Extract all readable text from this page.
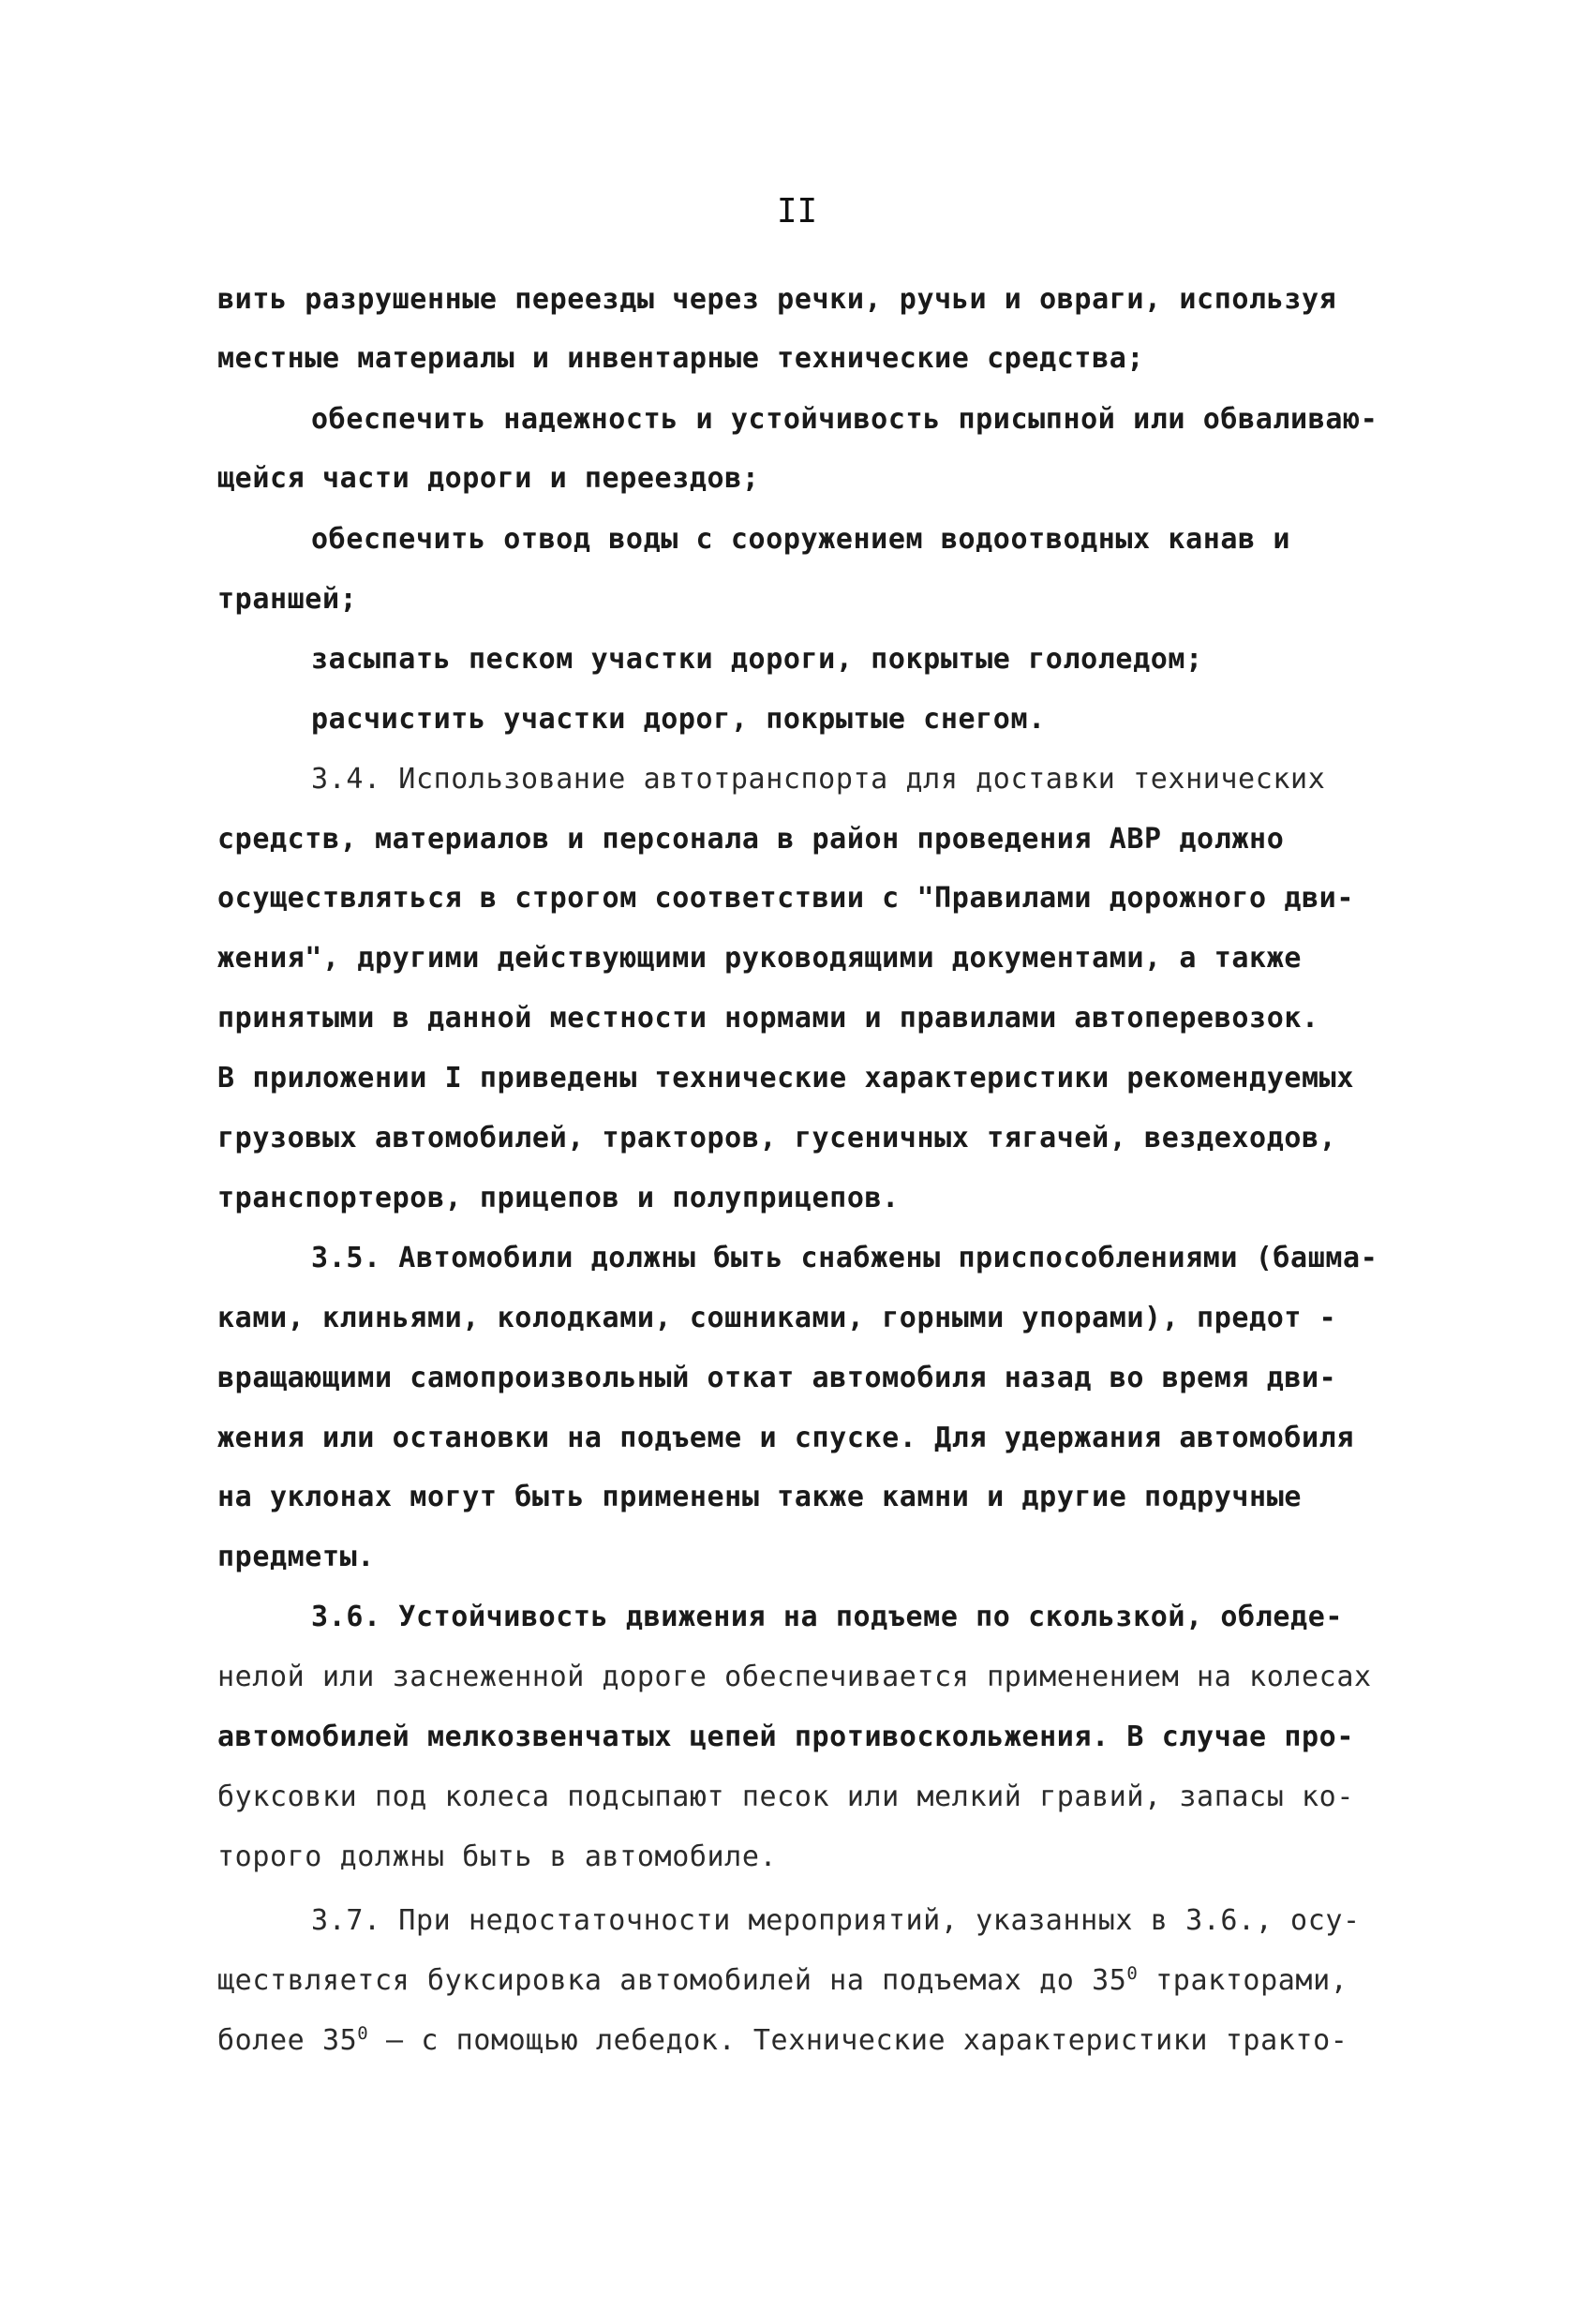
II
вить разрушенные переезды через речки, ручьи и овраги, используя
местные материалы и инвентарные технические средства;
обеспечить надежность и устойчивость присыпной или обваливаю-
щейся части дороги и переездов;
обеспечить отвод воды с сооружением водоотводных канав и
траншей;
засыпать песком участки дороги, покрытые гололедом;
расчистить участки дорог, покрытые снегом.
3.4. Использование автотранспорта для доставки технических
средств, материалов и персонала в район проведения АВР должно
осуществляться в строгом соответствии с "Правилами дорожного дви-
жения", другими действующими руководящими документами, а также
принятыми в данной местности нормами и правилами автоперевозок.
В приложении I приведены технические характеристики рекомендуемых
грузовых автомобилей, тракторов, гусеничных тягачей, вездеходов,
транспортеров, прицепов и полуприцепов.
3.5. Автомобили должны быть снабжены приспособлениями (башма-
ками, клиньями, колодками, сошниками, горными упорами), предот -
вращающими самопроизвольный откат автомобиля назад во время дви-
жения или остановки на подъеме и спуске. Для удержания автомобиля
на уклонах могут быть применены также камни и другие подручные
предметы.
3.6. Устойчивость движения на подъеме по скользкой, обледе-
нелой или заснеженной дороге обеспечивается применением на колесах
автомобилей мелкозвенчатых цепей противоскольжения. В случае про-
буксовки под колеса подсыпают песок или мелкий гравий, запасы ко-
торого должны быть в автомобиле.
3.7. При недостаточности мероприятий, указанных в 3.6., осу-
ществляется буксировка автомобилей на подъемах до $35^0$ тракторами,
более $35^0$ – с помощью лебедок. Технические характеристики тракто-
